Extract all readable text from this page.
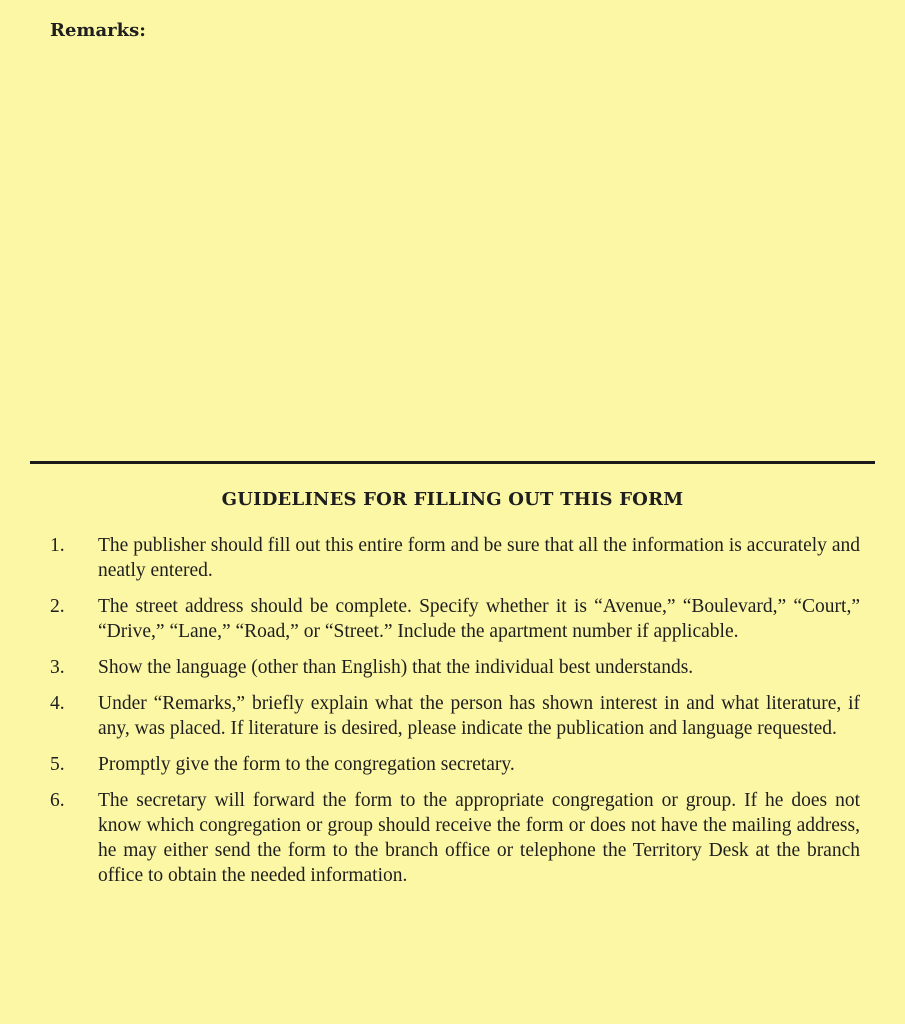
Remarks:
GUIDELINES FOR FILLING OUT THIS FORM
1.	The publisher should fill out this entire form and be sure that all the information is accurately and neatly entered.
2.	The street address should be complete. Specify whether it is “Avenue,” “Boulevard,” “Court,” “Drive,” “Lane,” “Road,” or “Street.” Include the apartment number if applicable.
3.	Show the language (other than English) that the individual best understands.
4.	Under “Remarks,” briefly explain what the person has shown interest in and what literature, if any, was placed. If literature is desired, please indicate the publication and language requested.
5.	Promptly give the form to the congregation secretary.
6.	The secretary will forward the form to the appropriate congregation or group. If he does not know which congregation or group should receive the form or does not have the mailing address, he may either send the form to the branch office or telephone the Territory Desk at the branch office to obtain the needed information.
